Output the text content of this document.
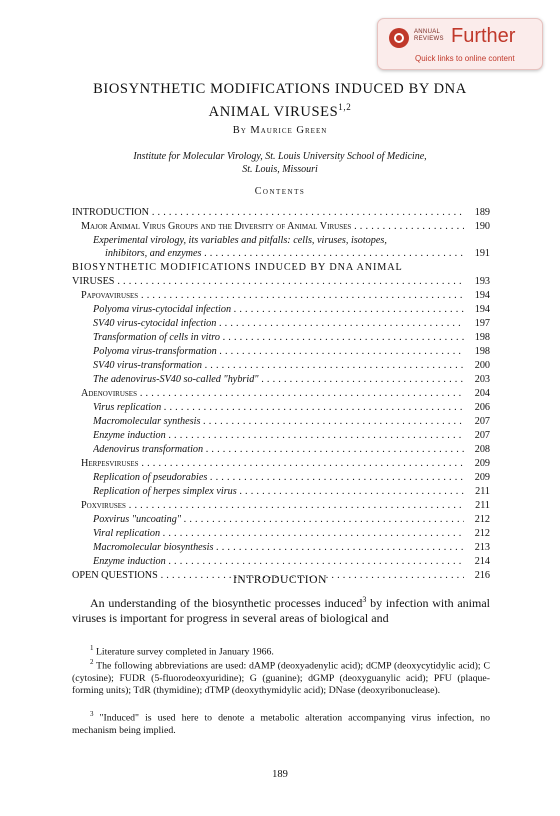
ANNUAL
REVIEWS Further
Quick links to online content
BIOSYNTHETIC MODIFICATIONS INDUCED BY DNA
ANIMAL VIRUSES$^{1,2}$
By Maurice Green
Institute for Molecular Virology, St. Louis University School of Medicine,
St. Louis, Missouri
Contents
INTRODUCTION . . .	189
Major Animal Virus Groups and the Diversity of Animal Viruses . . .	190
Experimental virology, its variables and pitfalls: cells, viruses, isotopes,
inhibitors, and enzymes . . .	191
BIOSYNTHETIC MODIFICATIONS INDUCED BY DNA ANIMAL
VIRUSES . . .	193
Papovaviruses . . .	194
Polyoma virus-cytocidal infection . . .	194
SV40 virus-cytocidal infection . . .	197
Transformation of cells in vitro . . .	198
Polyoma virus-transformation . . .	198
SV40 virus-transformation . . .	200
The adenovirus-SV40 so-called "hybrid" . . .	203
Adenoviruses . . .	204
Virus replication . . .	206
Macromolecular synthesis . . .	207
Enzyme induction . . .	207
Adenovirus transformation . . .	208
Herpesviruses . . .	209
Replication of pseudorabies . . .	209
Replication of herpes simplex virus . . .	211
Poxviruses . . .	211
Poxvirus "uncoating" . . .	212
Viral replication . . .	212
Macromolecular biosynthesis . . .	213
Enzyme induction . . .	214
OPEN QUESTIONS . . .	216
INTRODUCTION
An understanding of the biosynthetic processes induced$^3$ by infection with animal viruses is important for progress in several areas of biological and
$^1$ Literature survey completed in January 1966.
$^2$ The following abbreviations are used: dAMP (deoxyadenylic acid); dCMP (deoxycytidylic acid); C (cytosine); FUDR (5-fluorodeoxyuridine); G (guanine); dGMP (deoxyguanylic acid); PFU (plaque-forming units); TdR (thymidine); dTMP (deoxythymidylic acid); DNase (deoxyribonuclease).
$^3$ "Induced" is used here to denote a metabolic alteration accompanying virus infection, no mechanism being implied.
189
